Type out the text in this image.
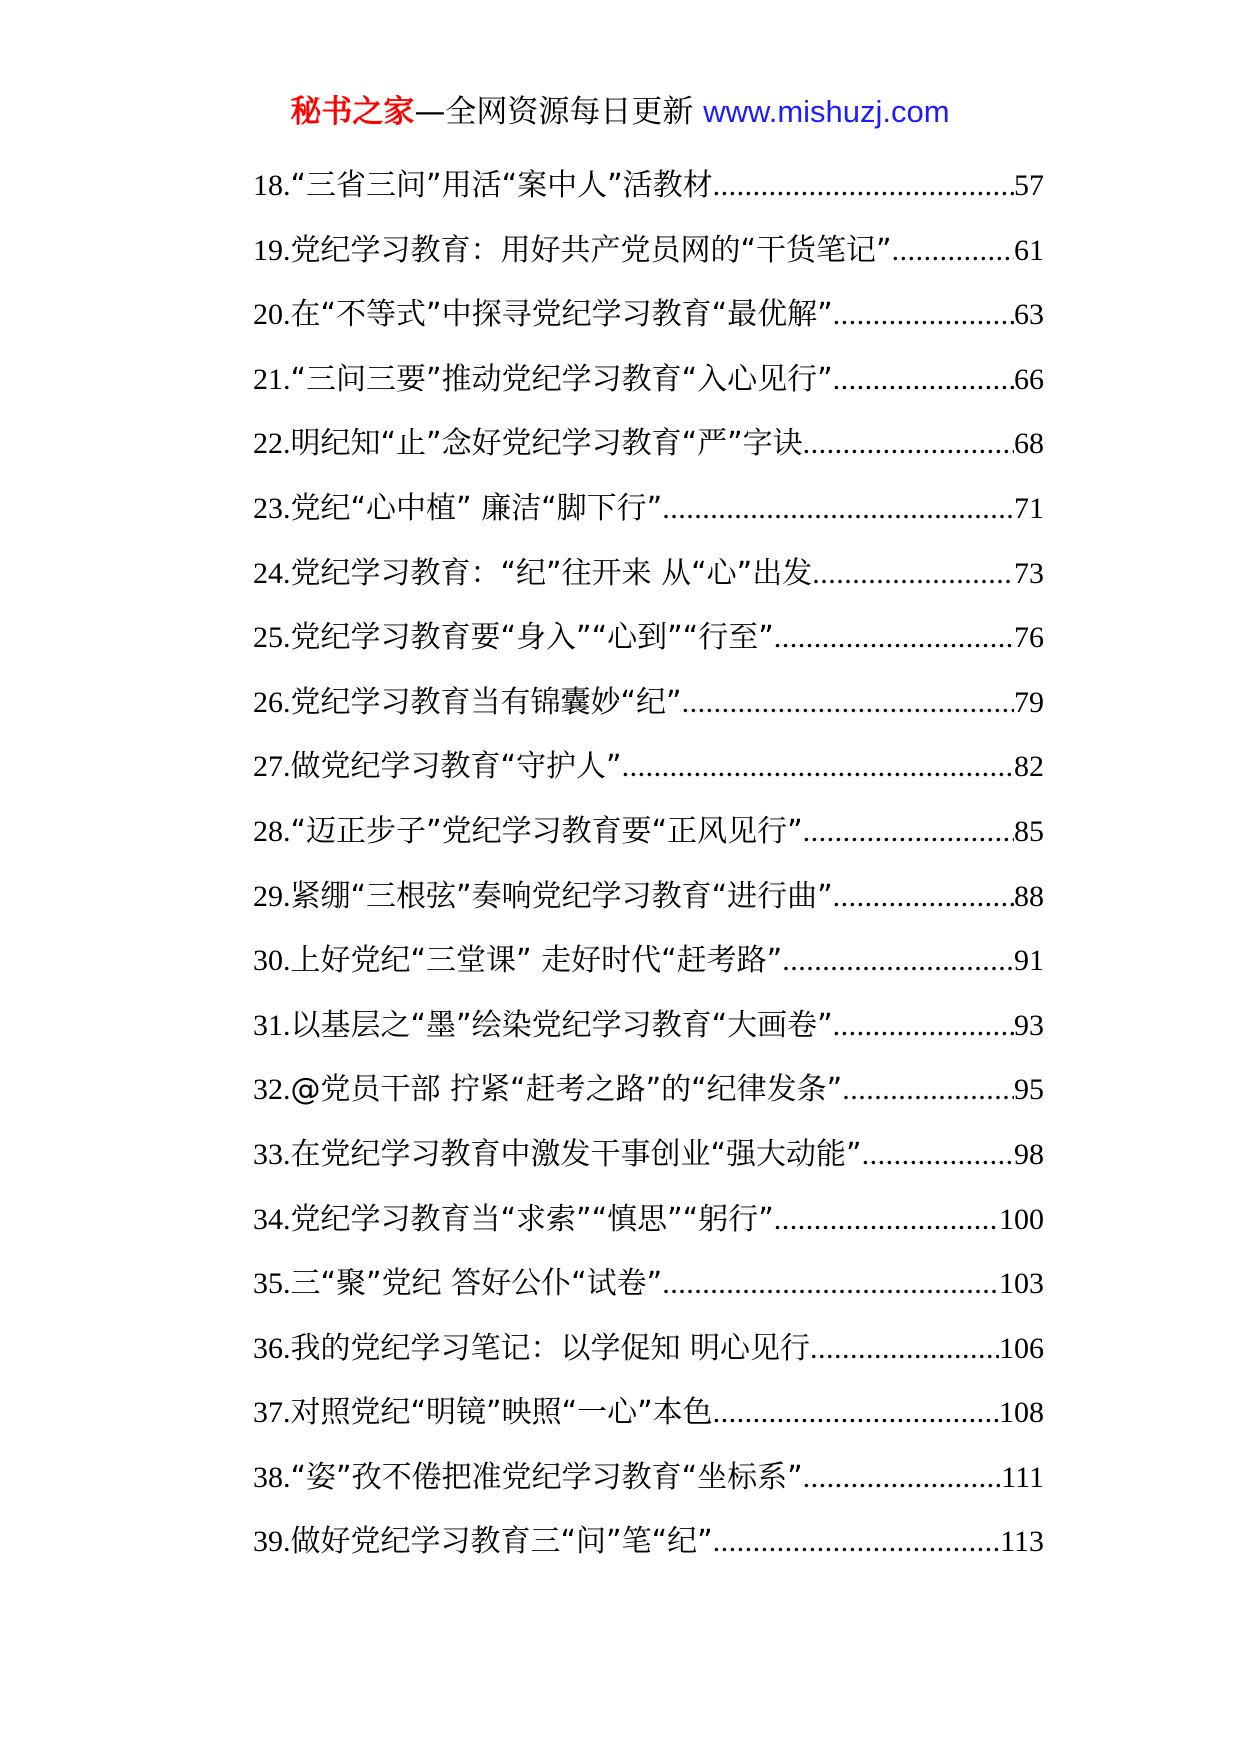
秘书之家—全网资源每日更新 www.mishuzj.com
18. “三省三问”用活“案中人”活教材 .....	57
19. 党纪学习教育：用好共产党员网的“干货笔记” .....	61
20. 在“不等式”中探寻党纪学习教育“最优解” .....	63
21. “三问三要”推动党纪学习教育“入心见行” .....	66
22. 明纪知“止”念好党纪学习教育“严”字诀 .....	68
23. 党纪“心中植” 廉洁“脚下行” .....	71
24. 党纪学习教育：“纪”往开来 从“心”出发 .....	73
25. 党纪学习教育要“身入”“心到”“行至” .....	76
26. 党纪学习教育当有锦囊妙“纪” .....	79
27. 做党纪学习教育“守护人” .....	82
28. “迈正步子”党纪学习教育要“正风见行” .....	85
29. 紧绷“三根弦”奏响党纪学习教育“进行曲” .....	88
30. 上好党纪“三堂课” 走好时代“赶考路” .....	91
31. 以基层之“墨”绘染党纪学习教育“大画卷” .....	93
32. @党员干部 拧紧“赶考之路”的“纪律发条” .....	95
33. 在党纪学习教育中激发干事创业“强大动能” .....	98
34. 党纪学习教育当“求索”“慎思”“躬行” .....	100
35. 三“聚”党纪 答好公仆“试卷” .....	103
36. 我的党纪学习笔记：以学促知 明心见行 .....	106
37. 对照党纪“明镜”映照“一心”本色 .....	108
38. “姿”孜不倦把准党纪学习教育“坐标系” .....	111
39. 做好党纪学习教育三“问”笔“纪” .....	113
